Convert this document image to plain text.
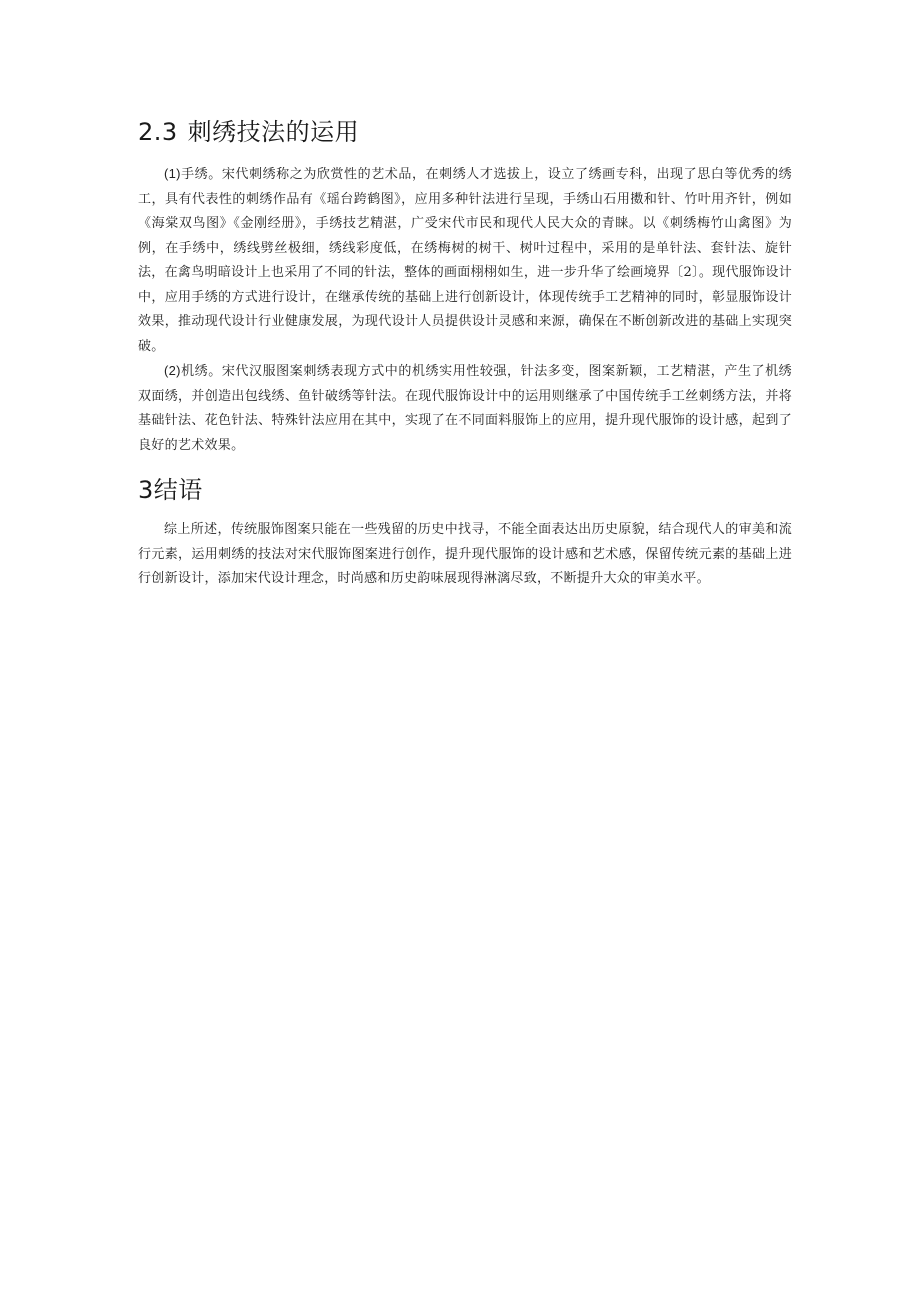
2.3 刺绣技法的运用

(1)手绣。宋代刺绣称之为欣赏性的艺术品，在刺绣人才选拔上，设立了绣画专科，出现了思白等优秀的绣工，具有代表性的刺绣作品有《瑶台跨鹤图》，应用多种针法进行呈现，手绣山石用擞和针、竹叶用齐针，例如《海棠双鸟图》《金刚经册》，手绣技艺精湛，广受宋代市民和现代人民大众的青睐。以《刺绣梅竹山禽图》为例，在手绣中，绣线劈丝极细，绣线彩度低，在绣梅树的树干、树叶过程中，采用的是单针法、套针法、旋针法，在禽鸟明暗设计上也采用了不同的针法，整体的画面栩栩如生，进一步升华了绘画境界〔2〕。现代服饰设计中，应用手绣的方式进行设计，在继承传统的基础上进行创新设计，体现传统手工艺精神的同时，彰显服饰设计效果，推动现代设计行业健康发展，为现代设计人员提供设计灵感和来源，确保在不断创新改进的基础上实现突破。

(2)机绣。宋代汉服图案刺绣表现方式中的机绣实用性较强，针法多变，图案新颖，工艺精湛，产生了机绣双面绣，并创造出包线绣、鱼针破绣等针法。在现代服饰设计中的运用则继承了中国传统手工丝刺绣方法，并将基础针法、花色针法、特殊针法应用在其中，实现了在不同面料服饰上的应用，提升现代服饰的设计感，起到了良好的艺术效果。

3结语

综上所述，传统服饰图案只能在一些残留的历史中找寻，不能全面表达出历史原貌，结合现代人的审美和流行元素，运用刺绣的技法对宋代服饰图案进行创作，提升现代服饰的设计感和艺术感，保留传统元素的基础上进行创新设计，添加宋代设计理念，时尚感和历史韵味展现得淋漓尽致，不断提升大众的审美水平。
